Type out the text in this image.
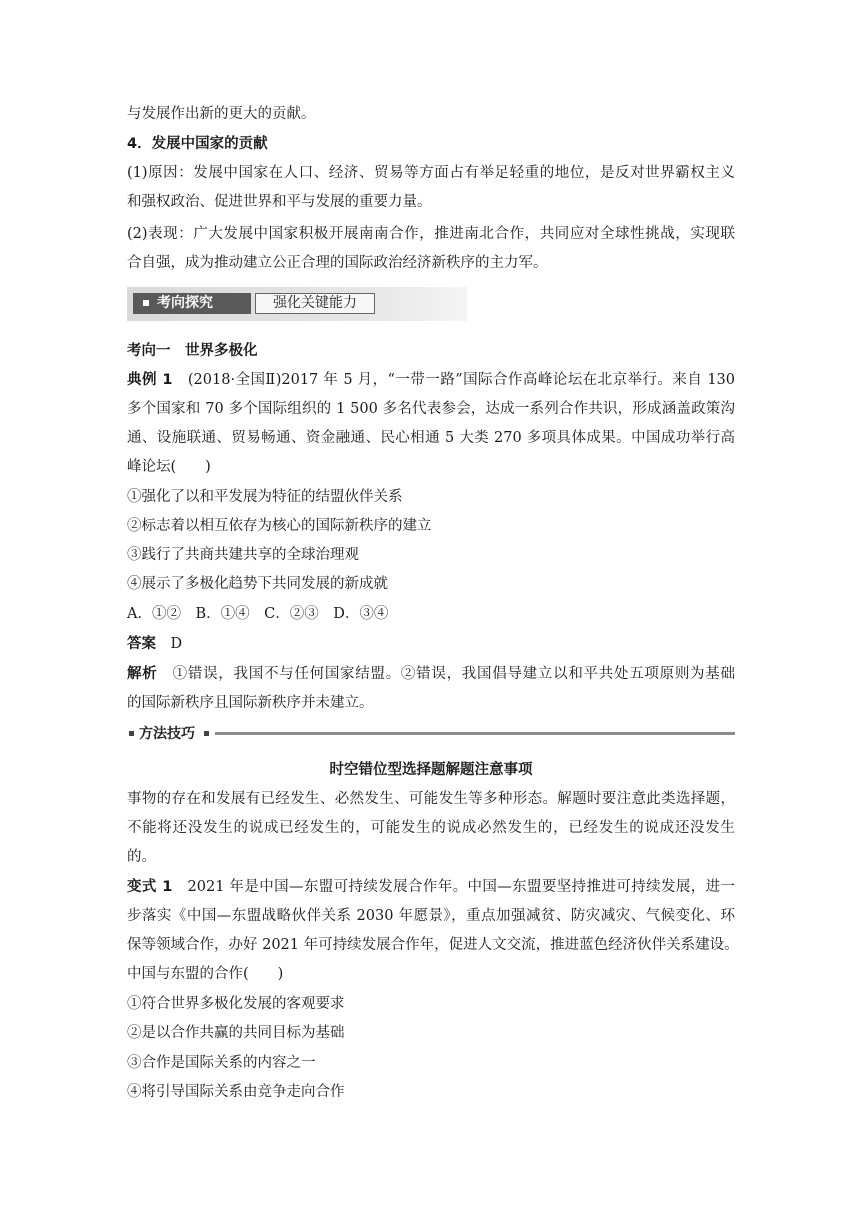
与发展作出新的更大的贡献。
4．发展中国家的贡献
(1)原因：发展中国家在人口、经济、贸易等方面占有举足轻重的地位，是反对世界霸权主义
和强权政治、促进世界和平与发展的重要力量。
(2)表现：广大发展中国家积极开展南南合作，推进南北合作，共同应对全球性挑战，实现联
合自强，成为推动建立公正合理的国际政治经济新秩序的主力军。
考向探究	强化关键能力
考向一　世界多极化
典例 1　(2018·全国Ⅱ)2017 年 5 月，“一带一路”国际合作高峰论坛在北京举行。来自 130
多个国家和 70 多个国际组织的 1 500 多名代表参会，达成一系列合作共识，形成涵盖政策沟
通、设施联通、贸易畅通、资金融通、民心相通 5 大类 270 多项具体成果。中国成功举行高
峰论坛(　　)
①强化了以和平发展为特征的结盟伙伴关系
②标志着以相互依存为核心的国际新秩序的建立
③践行了共商共建共享的全球治理观
④展示了多极化趋势下共同发展的新成就
A．①②　B．①④　C．②③　D．③④
答案　D
解析　①错误，我国不与任何国家结盟。②错误，我国倡导建立以和平共处五项原则为基础
的国际新秩序且国际新秩序并未建立。
方法技巧
时空错位型选择题解题注意事项
事物的存在和发展有已经发生、必然发生、可能发生等多种形态。解题时要注意此类选择题，
不能将还没发生的说成已经发生的，可能发生的说成必然发生的，已经发生的说成还没发生
的。
变式 1　2021 年是中国—东盟可持续发展合作年。中国—东盟要坚持推进可持续发展，进一
步落实《中国—东盟战略伙伴关系 2030 年愿景》，重点加强减贫、防灾减灾、气候变化、环
保等领域合作，办好 2021 年可持续发展合作年，促进人文交流，推进蓝色经济伙伴关系建设。
中国与东盟的合作(　　)
①符合世界多极化发展的客观要求
②是以合作共赢的共同目标为基础
③合作是国际关系的内容之一
④将引导国际关系由竞争走向合作
